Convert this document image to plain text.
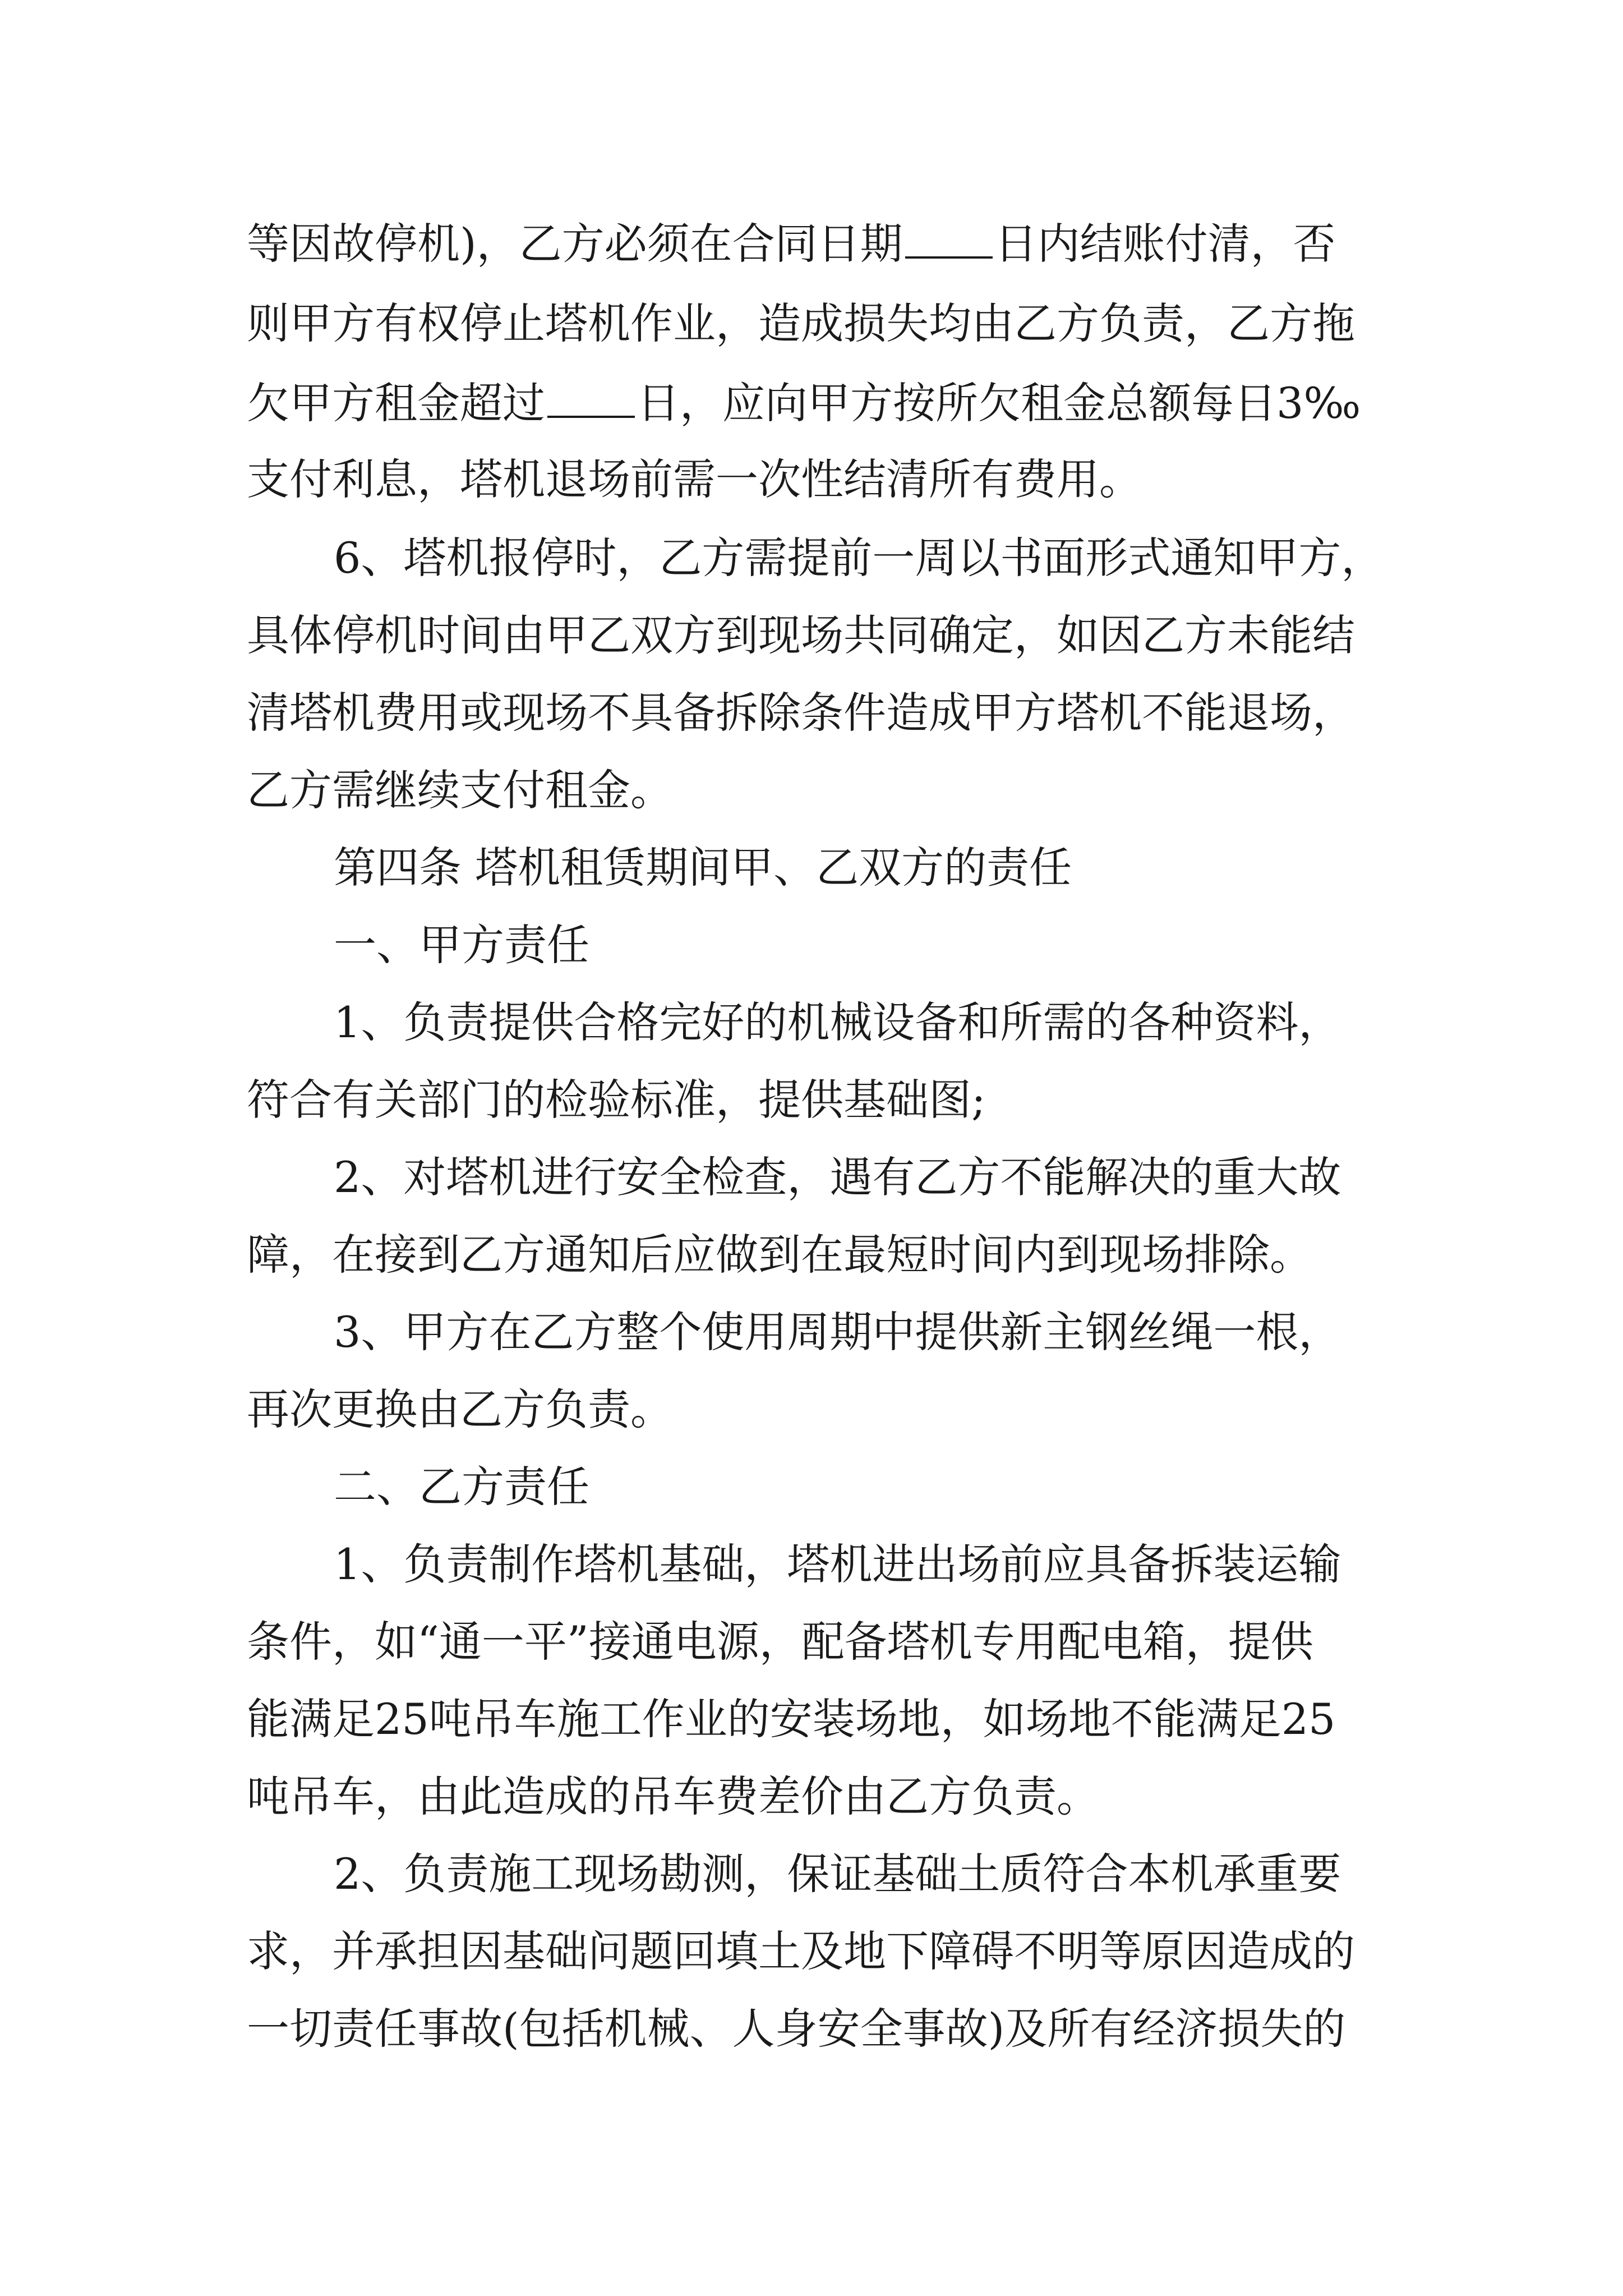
等因故停机)，乙方必须在合同日期 日内结账付清，否

则甲方有权停止塔机作业，造成损失均由乙方负责，乙方拖

欠甲方租金超过 日，应向甲方按所欠租金总额每日3‰

支付利息，塔机退场前需一次性结清所有费用。

6、塔机报停时，乙方需提前一周以书面形式通知甲方，

具体停机时间由甲乙双方到现场共同确定，如因乙方未能结

清塔机费用或现场不具备拆除条件造成甲方塔机不能退场，

乙方需继续支付租金。

第四条 塔机租赁期间甲、乙双方的责任

一、甲方责任

1、负责提供合格完好的机械设备和所需的各种资料，

符合有关部门的检验标准，提供基础图;

2、对塔机进行安全检查，遇有乙方不能解决的重大故

障，在接到乙方通知后应做到在最短时间内到现场排除。

3、甲方在乙方整个使用周期中提供新主钢丝绳一根，

再次更换由乙方负责。

二、乙方责任

1、负责制作塔机基础，塔机进出场前应具备拆装运输

条件，如“通一平”接通电源，配备塔机专用配电箱，提供

能满足25吨吊车施工作业的安装场地，如场地不能满足25

吨吊车，由此造成的吊车费差价由乙方负责。

2、负责施工现场勘测，保证基础土质符合本机承重要

求，并承担因基础问题回填土及地下障碍不明等原因造成的

一切责任事故(包括机械、人身安全事故)及所有经济损失的
